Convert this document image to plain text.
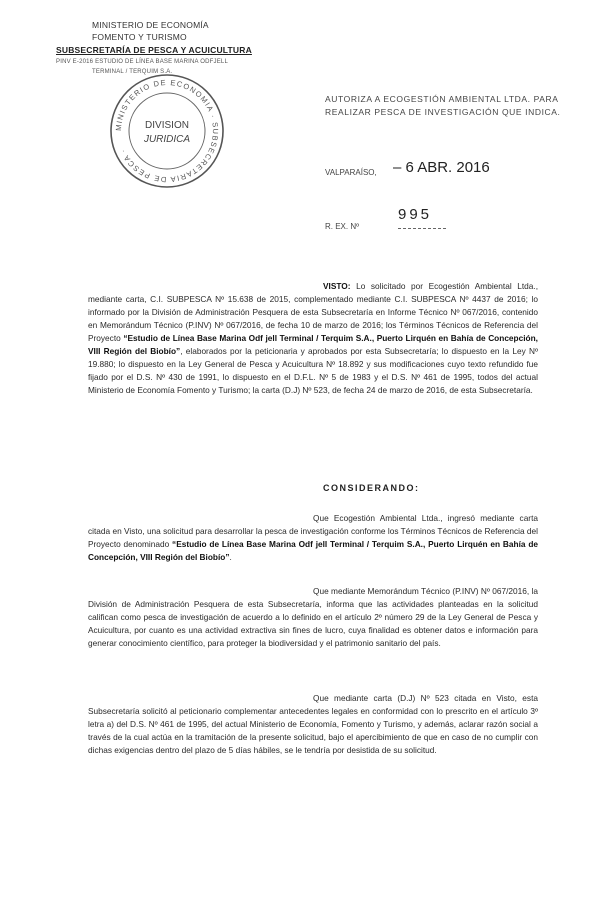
MINISTERIO DE ECONOMÍA
FOMENTO Y TURISMO
SUBSECRETARÍA DE PESCA Y ACUICULTURA
PINV E-2016 ESTUDIO DE LÍNEA BASE MARINA ODFJELL
TERMINAL / TERQUIM S.A.
MINISTERIO DE ECONOMIA · SUBSECRETARIA DE PESCA ·
DIVISION
JURIDICA
AUTORIZA A ECOGESTIÓN AMBIENTAL LTDA. PARA REALIZAR PESCA DE INVESTIGACIÓN QUE INDICA.
VALPARAÍSO, – 6 ABR. 2016
R. EX. Nº
995
VISTO: Lo solicitado por Ecogestión Ambiental Ltda., mediante carta, C.I. SUBPESCA Nº 15.638 de 2015, complementado mediante C.I. SUBPESCA Nº 4437 de 2016; lo informado por la División de Administración Pesquera de esta Subsecretaría en Informe Técnico Nº 067/2016, contenido en Memorándum Técnico (P.INV) Nº 067/2016, de fecha 10 de marzo de 2016; los Términos Técnicos de Referencia del Proyecto “Estudio de Línea Base Marina Odf jell Terminal / Terquim S.A., Puerto Lirquén en Bahía de Concepción, VIII Región del Biobío”, elaborados por la peticionaria y aprobados por esta Subsecretaría; lo dispuesto en la Ley Nº 19.880; lo dispuesto en la Ley General de Pesca y Acuicultura Nº 18.892 y sus modificaciones cuyo texto refundido fue fijado por el D.S. Nº 430 de 1991, lo dispuesto en el D.F.L. Nº 5 de 1983 y el D.S. Nº 461 de 1995, todos del actual Ministerio de Economía Fomento y Turismo; la carta (D.J) Nº 523, de fecha 24 de marzo de 2016, de esta Subsecretaría.
CONSIDERANDO:
Que Ecogestión Ambiental Ltda., ingresó mediante carta citada en Visto, una solicitud para desarrollar la pesca de investigación conforme los Términos Técnicos de Referencia del Proyecto denominado “Estudio de Línea Base Marina Odf jell Terminal / Terquim S.A., Puerto Lirquén en Bahía de Concepción, VIII Región del Biobío”.
Que mediante Memorándum Técnico (P.INV) Nº 067/2016, la División de Administración Pesquera de esta Subsecretaría, informa que las actividades planteadas en la solicitud califican como pesca de investigación de acuerdo a lo definido en el artículo 2º número 29 de la Ley General de Pesca y Acuicultura, por cuanto es una actividad extractiva sin fines de lucro, cuya finalidad es obtener datos e información para generar conocimiento científico, para proteger la biodiversidad y el patrimonio sanitario del país.
Que mediante carta (D.J) Nº 523 citada en Visto, esta Subsecretaría solicitó al peticionario complementar antecedentes legales en conformidad con lo prescrito en el artículo 3º letra a) del D.S. Nº 461 de 1995, del actual Ministerio de Economía, Fomento y Turismo, y además, aclarar razón social a través de la cual actúa en la tramitación de la presente solicitud, bajo el apercibimiento de que en caso de no cumplir con dichas exigencias dentro del plazo de 5 días hábiles, se le tendría por desistida de su solicitud.
